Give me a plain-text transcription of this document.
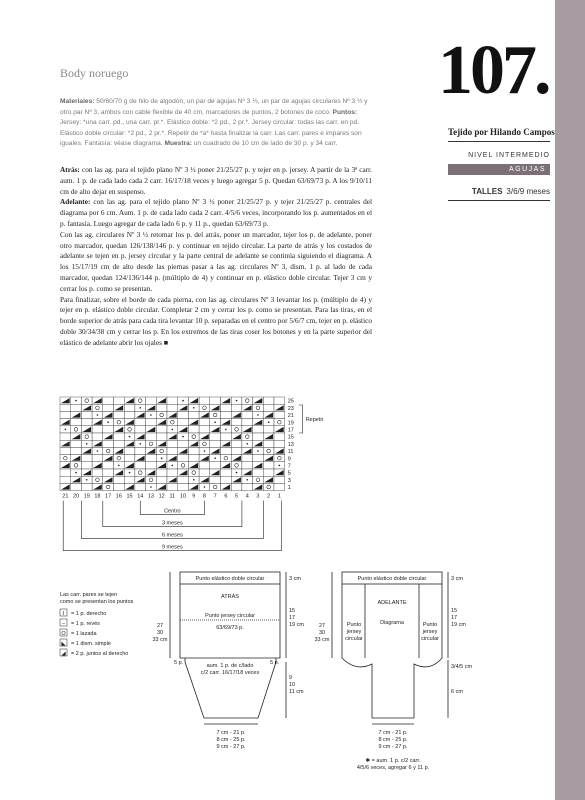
107.
Tejido por Hilando Campos
NIVEL INTERMEDIO
AGUJAS CIRCULARES
TALLES 3/6/9 meses
Body noruego
Materiales: 50/60/70 g de hilo de algodón, un par de agujas Nº 3 ½, un par de agujas circulares Nº 3 ½ y otro par Nº 3, ambos con cable flexible de 40 cm, marcadores de puntos, 2 botones de coco. Puntos: Jersey: *una carr. pd., una carr. pr.*. Elástico doble: *2 pd., 2 pr.*. Jersey circular: todas las carr. en pd. Elástico doble circular: *2 pd., 2 pr.*. Repetir de *a* hasta finalizar la carr. Las carr. pares e impares son iguales. Fantasía: véase diagrama. Muestra: un cuadrado de 10 cm de lado de 30 p. y 34 carr.

Atrás: con las ag. para el tejido plano Nº 3 ½ poner 21/25/27 p. y tejer en p. jersey. A partir de la 3ª carr. aum. 1 p. de cada lado cada 2 carr. 16/17/18 veces y luego agregar 5 p. Quedan 63/69/73 p. A los 9/10/11 cm de alto dejar en suspenso.

Adelante: con las ag. para el tejido plano Nº 3 ½ poner 21/25/27 p. y tejer 21/25/27 p. centrales del diagrama por 6 cm. Aum. 1 p. de cada lado cada 2 carr. 4/5/6 veces, incorporando los p. aumentados en el p. fantasía. Luego agregar de cada lado 6 p. y 11 p., quedan 63/69/73 p.

Con las ag. circulares Nº 3 ½ retomar los p. del atrás, poner un marcador, tejer los p. de adelante, poner otro marcador, quedan 126/138/146 p. y continuar en tejido circular. La parte de atrás y los costados de adelante se tejen en p. jersey circular y la parte central de adelante se continúa siguiendo el diagrama. A los 15/17/19 cm de alto desde las piernas pasar a las ag. circulares Nº 3, dism. 1 p. al lado de cada marcador, quedan 124/136/144 p. (múltiplo de 4) y continuar en p. elástico doble circular. Tejer 3 cm y cerrar los p. como se presentan.

Para finalizar, sobre el borde de cada pierna, con las ag. circulares Nº 3 levantar los p. (múltiplo de 4) y tejer en p. elástico doble circular. Completar 2 cm y cerrar los p. como se presentan. Para las tiras, en el borde superior de atrás para cada tira levantar 10 p. separadas en el centro por 5/6/7 cm, tejer en p. elástico doble 30/34/38 cm y cerrar los p. En los extremos de las tiras coser los botones y en la parte superior del elástico de adelante abrir los ojales ■

25
23
21
19
17
15
13
11
9
7
5
3
1
21 20 19 18 17 16 15 14 13 12 11 10 9 8 7 6 5 4 3 2 1
Repetir
Centro
3 meses
6 meses
9 meses
Las carr. pares se tejen
como se presentan los puntos
I = 1 p. derecho
– = 1 p. revés
O = 1 lazada
◣ = 1 dism. simple
◢ = 2 p. juntos al derecho
Punto elástico doble circular
ATRÁS
Punto jersey circular
63/69/73 p.
aum. 1 p. de c/lado
c/2 carr. 16/17/18 veces
5 p.	5 p.
3 cm
15
17
19 cm
27
30
33 cm
9
10
11 cm
7 cm - 21 p.
8 cm - 25 p.
9 cm - 27 p.
Punto elástico doble circular
ADELANTE
Diagrama
Punto
jersey
circular
Punto
jersey
circular
3 cm
15
17
19 cm
27
30
33 cm
3/4/5 cm
6 cm
7 cm - 21 p.
8 cm - 25 p.
9 cm - 27 p.
✱ = aum. 1 p. c/2 carr.
4/5/6 veces, agregar 6 y 11 p.
PassionForum.ru
